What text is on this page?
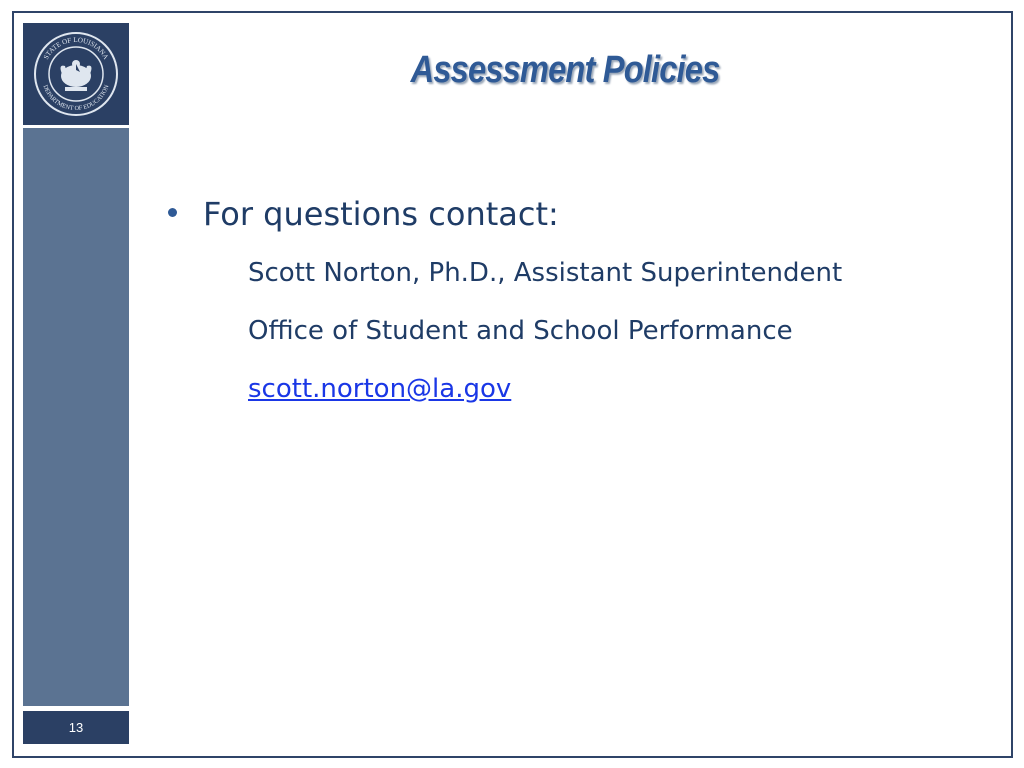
STATE OF LOUISIANA
DEPARTMENT OF EDUCATION
13
Assessment Policies
For questions contact:
Scott Norton, Ph.D., Assistant Superintendent
Office of Student and School Performance
scott.norton@la.gov
